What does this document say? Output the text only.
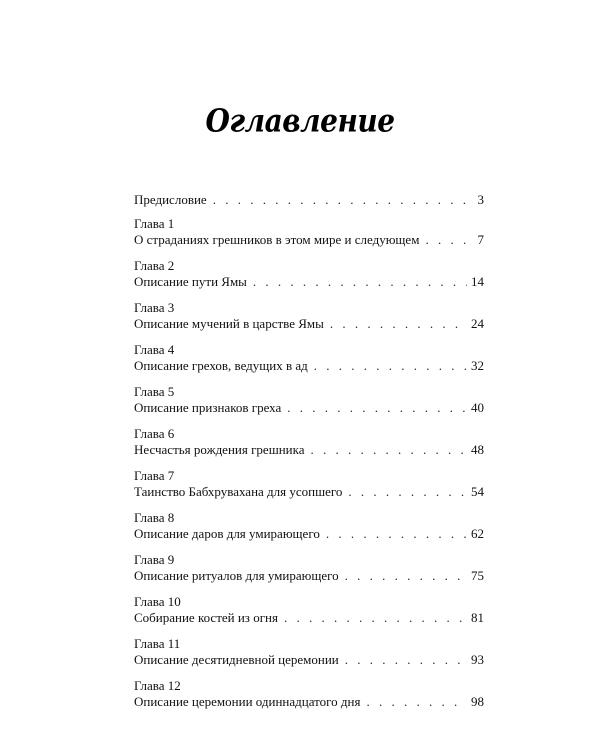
Оглавление
Предисловие . . .	3
Глава 1
О страданиях грешников в этом мире и следующем . . .	7
Глава 2
Описание пути Ямы . . .	14
Глава 3
Описание мучений в царстве Ямы . . .	24
Глава 4
Описание грехов, ведущих в ад . . .	32
Глава 5
Описание признаков греха . . .	40
Глава 6
Несчастья рождения грешника . . .	48
Глава 7
Таинство Бабхрувахана для усопшего . . .	54
Глава 8
Описание даров для умирающего . . .	62
Глава 9
Описание ритуалов для умирающего . . .	75
Глава 10
Собирание костей из огня . . .	81
Глава 11
Описание десятидневной церемонии . . .	93
Глава 12
Описание церемонии одиннадцатого дня . . .	98
